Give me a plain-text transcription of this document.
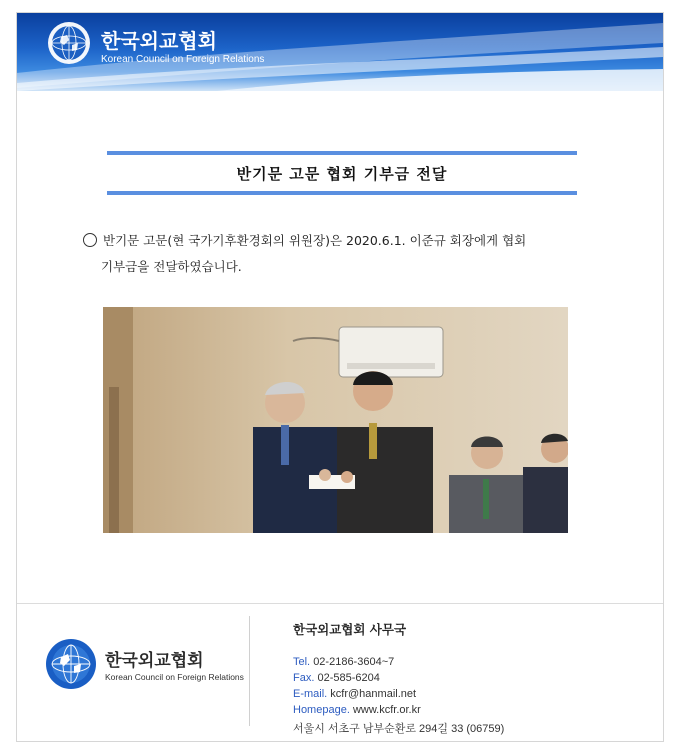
한국외교협회
Korean Council on Foreign Relations
반기문 고문 협회 기부금 전달
반기문 고문(현 국가기후환경회의 위원장)은 2020.6.1. 이준규 회장에게 협회
기부금을 전달하였습니다.
한국외교협회
Korean Council on Foreign Relations
한국외교협회 사무국
Tel. 02-2186-3604~7
Fax. 02-585-6204
E-mail. kcfr@hanmail.net
Homepage. www.kcfr.or.kr
서울시 서초구 남부순환로 294길 33 (06759)
